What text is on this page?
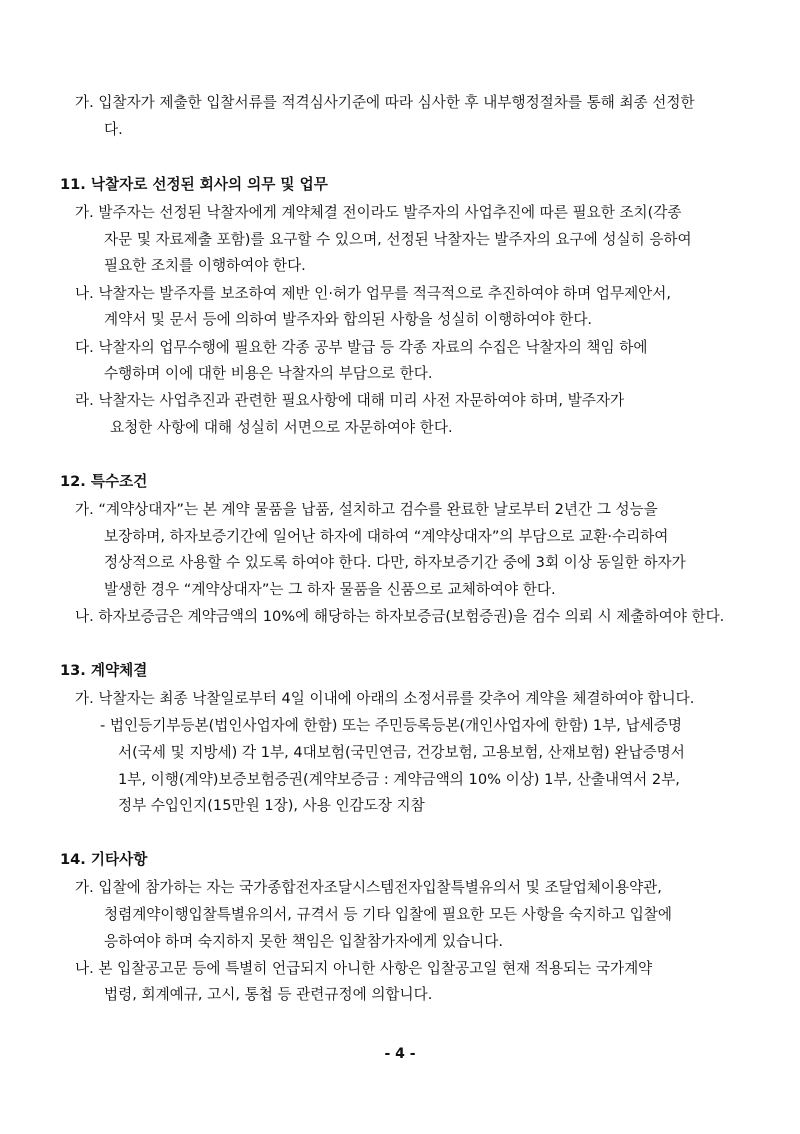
가. 입찰자가 제출한 입찰서류를 적격심사기준에 따라 심사한 후 내부행정절차를 통해 최종 선정한
다.
11. 낙찰자로 선정된 회사의 의무 및 업무
가. 발주자는 선정된 낙찰자에게 계약체결 전이라도 발주자의 사업추진에 따른 필요한 조치(각종
자문 및 자료제출 포함)를 요구할 수 있으며, 선정된 낙찰자는 발주자의 요구에 성실히 응하여
필요한 조치를 이행하여야 한다.
나. 낙찰자는 발주자를 보조하여 제반 인·허가 업무를 적극적으로 추진하여야 하며 업무제안서,
계약서 및 문서 등에 의하여 발주자와 합의된 사항을 성실히 이행하여야 한다.
다. 낙찰자의 업무수행에 필요한 각종 공부 발급 등 각종 자료의 수집은 낙찰자의 책임 하에
수행하며 이에 대한 비용은 낙찰자의 부담으로 한다.
라. 낙찰자는 사업추진과 관련한 필요사항에 대해 미리 사전 자문하여야 하며, 발주자가
요청한 사항에 대해 성실히 서면으로 자문하여야 한다.
12. 특수조건
가. “계약상대자”는 본 계약 물품을 납품, 설치하고 검수를 완료한 날로부터 2년간 그 성능을
보장하며, 하자보증기간에 일어난 하자에 대하여 “계약상대자”의 부담으로 교환·수리하여
정상적으로 사용할 수 있도록 하여야 한다. 다만, 하자보증기간 중에 3회 이상 동일한 하자가
발생한 경우 “계약상대자”는 그 하자 물품을 신품으로 교체하여야 한다.
나. 하자보증금은 계약금액의 10%에 해당하는 하자보증금(보험증권)을 검수 의뢰 시 제출하여야 한다.
13. 계약체결
가. 낙찰자는 최종 낙찰일로부터 4일 이내에 아래의 소정서류를 갖추어 계약을 체결하여야 합니다.
- 법인등기부등본(법인사업자에 한함) 또는 주민등록등본(개인사업자에 한함) 1부, 납세증명
서(국세 및 지방세) 각 1부, 4대보험(국민연금, 건강보험, 고용보험, 산재보험) 완납증명서
1부, 이행(계약)보증보험증권(계약보증금 : 계약금액의 10% 이상) 1부, 산출내역서 2부,
정부 수입인지(15만원 1장), 사용 인감도장 지참
14. 기타사항
가. 입찰에 참가하는 자는 국가종합전자조달시스템전자입찰특별유의서 및 조달업체이용약관,
청렴계약이행입찰특별유의서, 규격서 등 기타 입찰에 필요한 모든 사항을 숙지하고 입찰에
응하여야 하며 숙지하지 못한 책임은 입찰참가자에게 있습니다.
나. 본 입찰공고문 등에 특별히 언급되지 아니한 사항은 입찰공고일 현재 적용되는 국가계약
법령, 회계예규, 고시, 통첩 등 관련규정에 의합니다.
- 4 -
